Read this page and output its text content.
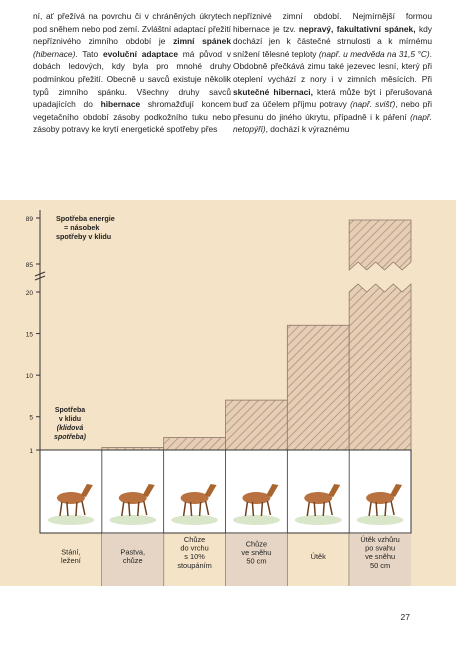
ní, ať přežívá na povrchu či v chráněných úkrytech pod sněhem nebo pod zemí. Zvláštní adaptací přežití nepříznivého zimního období je zimní spánek (hibernace). Tato evoluční adaptace má původ v dobách ledových, kdy byla pro mnohé druhy podmínkou přežití. Obecně u savců existuje několik typů zimního spánku. Všechny druhy savců upadajících do hibernace shromažďují koncem vegetačního období zásoby podkožního tuku nebo zásoby potravy ke krytí energetické spotřeby přes

nepříznivé zimní období. Nejmírnější formou hibernace je tzv. nepravý, fakultativní spánek, kdy dochází jen k částečné strnulosti a k mírnému snížení tělesné teploty (např. u medvěda na 31,5 °C). Obdobně přečkává zimu také jezevec lesní, který při oteplení vychází z nory i v zimních měsících. Při skutečné hibernaci, která může být i přerušovaná buď za účelem příjmu potravy (např. svišť), nebo při přesunu do jiného úkrytu, případně i k páření (např. netopýři), dochází k výraznému

1
5
10
15
20
85
89	Spotřeba energie
= násobek
spotřeby v klidu
Spotřeba
v klidu
(klidová
spotřeba)
Stání,
ležení
Pastva,
chůze
Chůze
do vrchu
s 10%
stoupáním
Chůze
ve sněhu
50 cm
Útěk
Útěk vzhůru
po svahu
ve sněhu
50 cm
27
